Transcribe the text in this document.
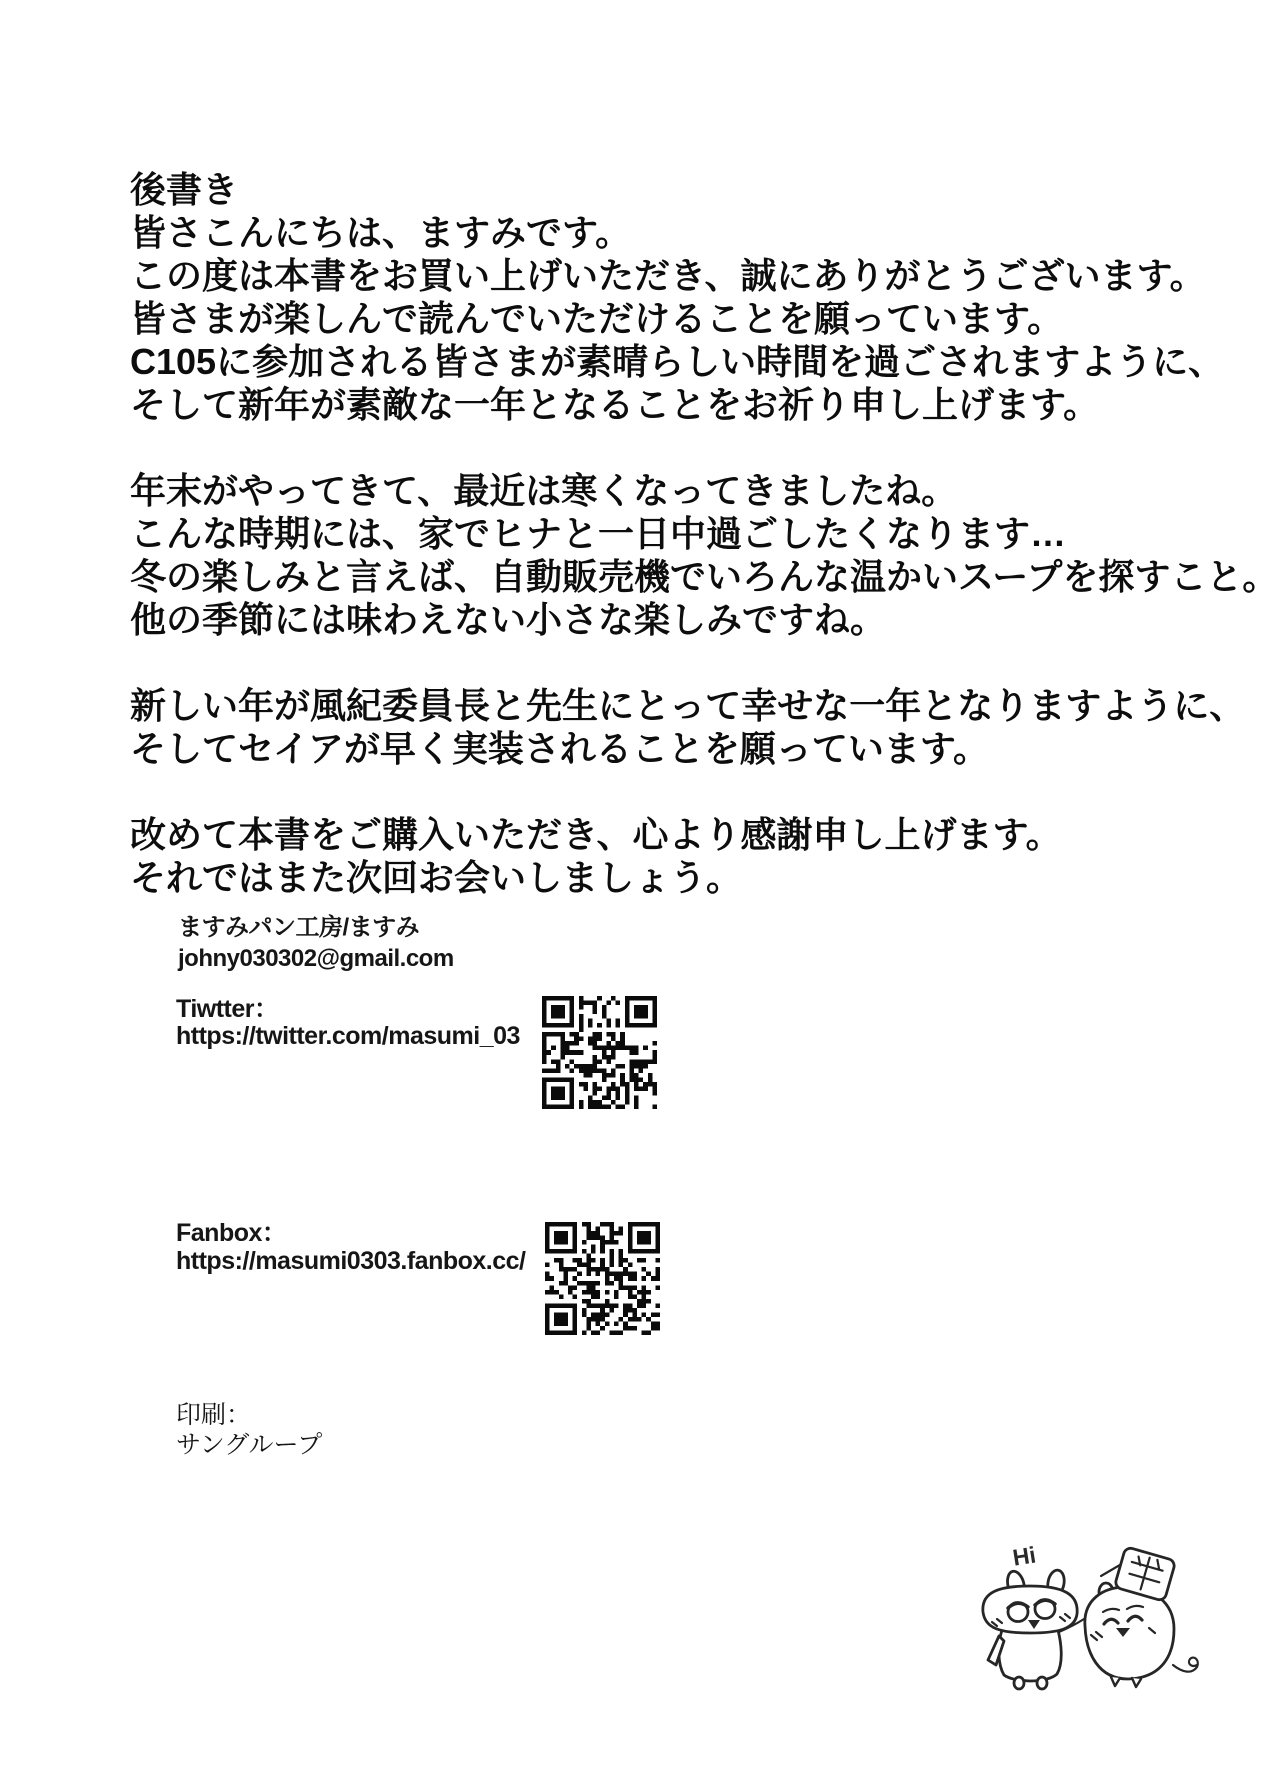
後書き
皆さこんにちは、ますみです。
この度は本書をお買い上げいただき、誠にありがとうございます。
皆さまが楽しんで読んでいただけることを願っています。
C105に参加される皆さまが素晴らしい時間を過ごされますように、
そして新年が素敵な一年となることをお祈り申し上げます。
年末がやってきて、最近は寒くなってきましたね。
こんな時期には、家でヒナと一日中過ごしたくなります…
冬の楽しみと言えば、自動販売機でいろんな温かいスープを探すこと。
他の季節には味わえない小さな楽しみですね。
新しい年が風紀委員長と先生にとって幸せな一年となりますように、
そしてセイアが早く実装されることを願っています。
改めて本書をご購入いただき、心より感謝申し上げます。
それではまた次回お会いしましょう。
ますみパン工房/ますみ
johny030302@gmail.com
Tiwtter：
https://twitter.com/masumi_03
Fanbox：
https://masumi0303.fanbox.cc/
印刷：
サングループ
Hi
